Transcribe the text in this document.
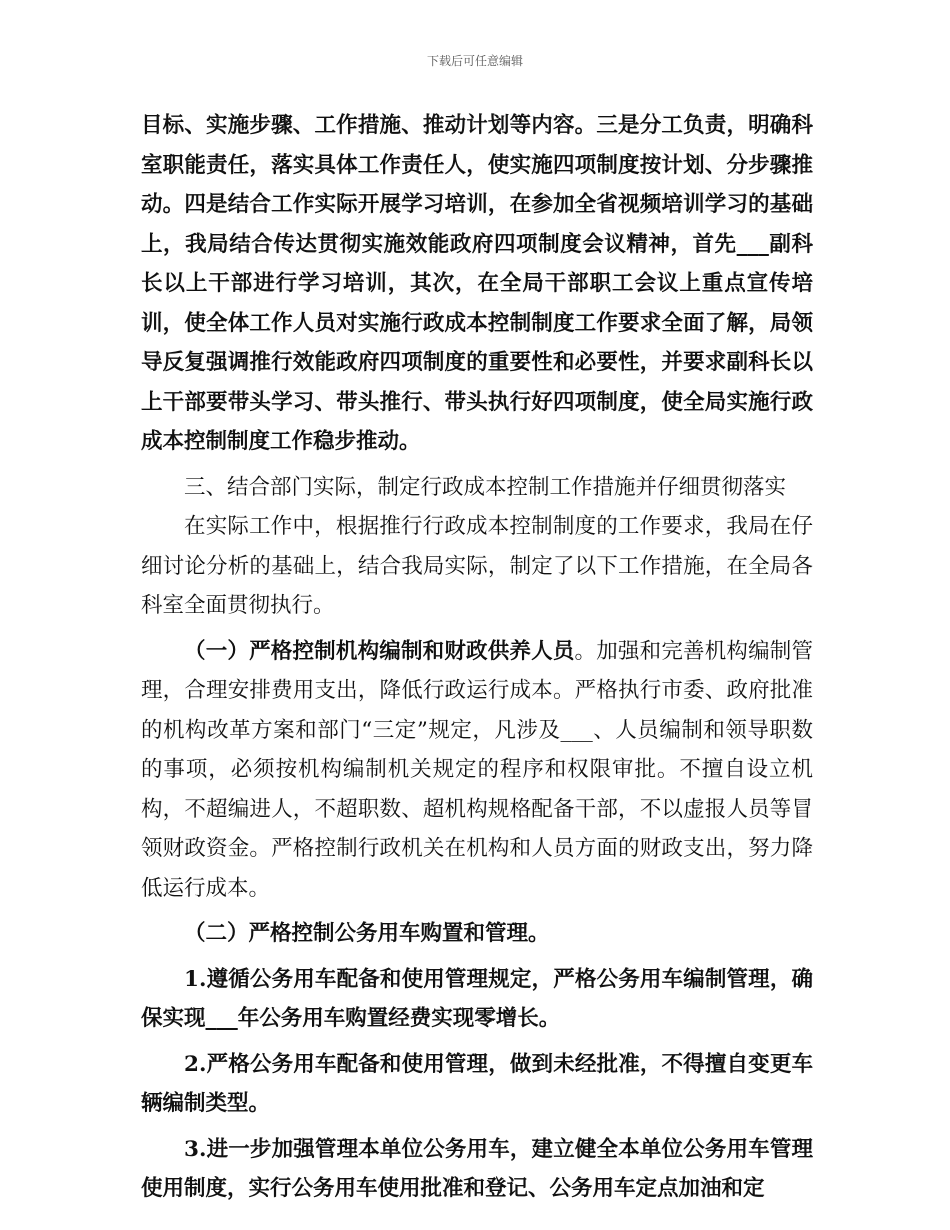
下载后可任意编辑

目标、实施步骤、工作措施、推动计划等内容。三是分工负责，明确科室职能责任，落实具体工作责任人，使实施四项制度按计划、分步骤推动。四是结合工作实际开展学习培训，在参加全省视频培训学习的基础上，我局结合传达贯彻实施效能政府四项制度会议精神，首先___副科长以上干部进行学习培训，其次，在全局干部职工会议上重点宣传培训，使全体工作人员对实施行政成本控制制度工作要求全面了解，局领导反复强调推行效能政府四项制度的重要性和必要性，并要求副科长以上干部要带头学习、带头推行、带头执行好四项制度，使全局实施行政成本控制制度工作稳步推动。

三、结合部门实际，制定行政成本控制工作措施并仔细贯彻落实

在实际工作中，根据推行行政成本控制制度的工作要求，我局在仔细讨论分析的基础上，结合我局实际，制定了以下工作措施，在全局各科室全面贯彻执行。

（一）严格控制机构编制和财政供养人员。加强和完善机构编制管理，合理安排费用支出，降低行政运行成本。严格执行市委、政府批准的机构改革方案和部门“三定”规定，凡涉及___、人员编制和领导职数的事项，必须按机构编制机关规定的程序和权限审批。不擅自设立机构，不超编进人，不超职数、超机构规格配备干部，不以虚报人员等冒领财政资金。严格控制行政机关在机构和人员方面的财政支出，努力降低运行成本。

（二）严格控制公务用车购置和管理。

1.遵循公务用车配备和使用管理规定，严格公务用车编制管理，确保实现___年公务用车购置经费实现零增长。

2.严格公务用车配备和使用管理，做到未经批准，不得擅自变更车辆编制类型。

3.进一步加强管理本单位公务用车，建立健全本单位公务用车管理使用制度，实行公务用车使用批准和登记、公务用车定点加油和定
